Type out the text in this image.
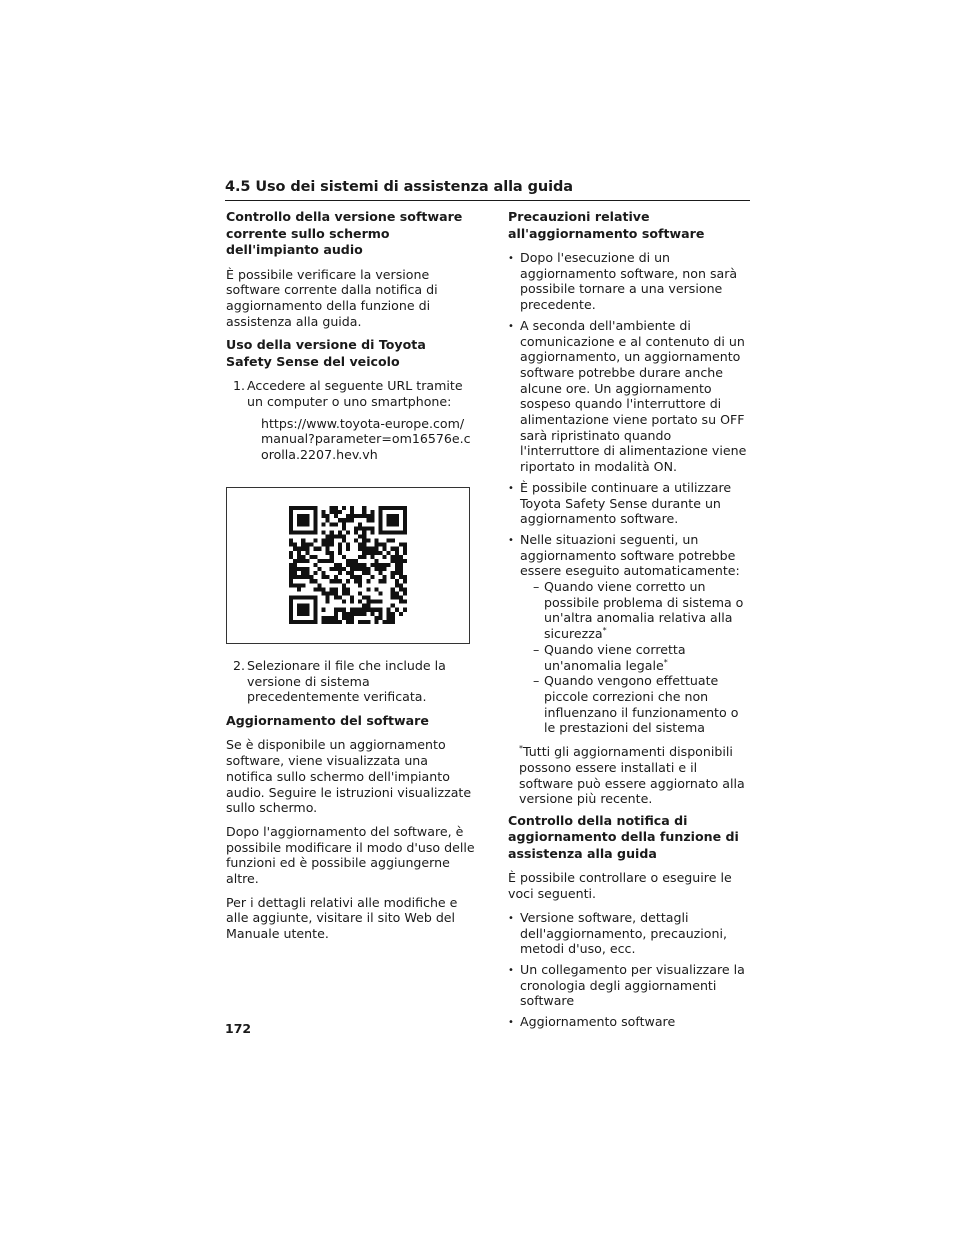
4.5 Uso dei sistemi di assistenza alla guida
Controllo della versione software corrente sullo schermo dell'impianto audio

È possibile verificare la versione software corrente dalla notifica di aggiornamento della funzione di assistenza alla guida.

Uso della versione di Toyota Safety Sense del veicolo
1. Accedere al seguente URL tramite un computer o uno smartphone:
https://www.toyota-europe.com/manual?parameter=om16576e.corolla.2207.hev.vh
2. Selezionare il file che include la versione di sistema precedentemente verificata.
Aggiornamento del software

Se è disponibile un aggiornamento software, viene visualizzata una notifica sullo schermo dell'impianto audio. Seguire le istruzioni visualizzate sullo schermo.

Dopo l'aggiornamento del software, è possibile modificare il modo d'uso delle funzioni ed è possibile aggiungerne altre.

Per i dettagli relativi alle modifiche e alle aggiunte, visitare il sito Web del Manuale utente.

Precauzioni relative all'aggiornamento software
• Dopo l'esecuzione di un aggiornamento software, non sarà possibile tornare a una versione precedente.
• A seconda dell'ambiente di comunicazione e al contenuto di un aggiornamento, un aggiornamento software potrebbe durare anche alcune ore. Un aggiornamento sospeso quando l'interruttore di alimentazione viene portato su OFF sarà ripristinato quando l'interruttore di alimentazione viene riportato in modalità ON.
• È possibile continuare a utilizzare Toyota Safety Sense durante un aggiornamento software.
• Nelle situazioni seguenti, un aggiornamento software potrebbe essere eseguito automaticamente:
– Quando viene corretto un possibile problema di sistema o un'altra anomalia relativa alla sicurezza*
– Quando viene corretta un'anomalia legale*
– Quando vengono effettuate piccole correzioni che non influenzano il funzionamento o le prestazioni del sistema

*Tutti gli aggiornamenti disponibili possono essere installati e il software può essere aggiornato alla versione più recente.

Controllo della notifica di aggiornamento della funzione di assistenza alla guida

È possibile controllare o eseguire le voci seguenti.

• Versione software, dettagli dell'aggiornamento, precauzioni, metodi d'uso, ecc.
• Un collegamento per visualizzare la cronologia degli aggiornamenti software
• Aggiornamento software
172
